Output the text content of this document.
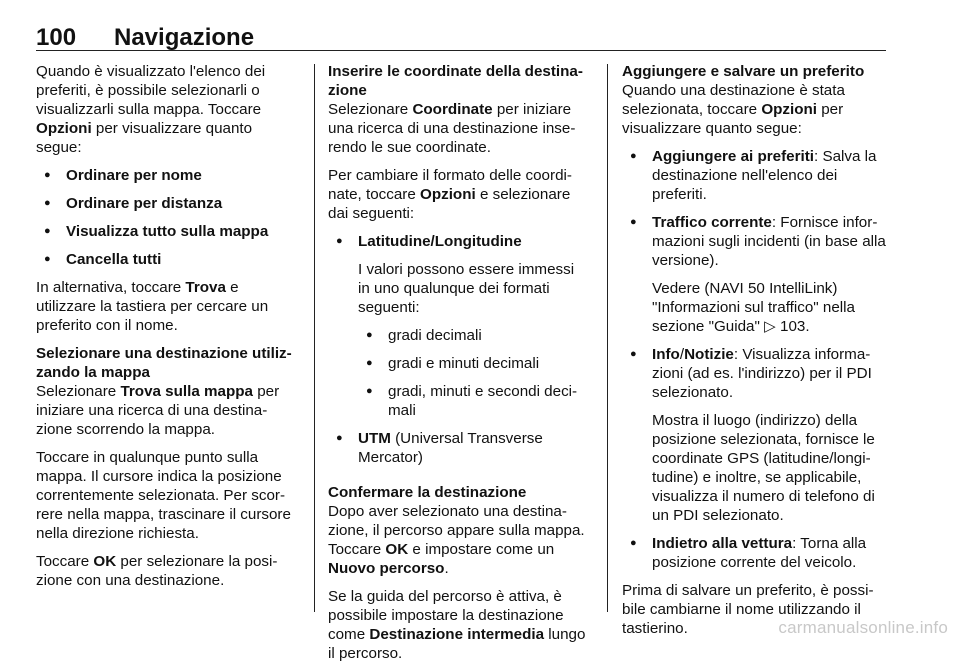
100 Navigazione

Quando è visualizzato l'elenco dei preferiti, è possibile selezionarli o visualizzarli sulla mappa. Toccare Opzioni per visualizzare quanto segue:

● Ordinare per nome
● Ordinare per distanza
● Visualizza tutto sulla mappa
● Cancella tutti

In alternativa, toccare Trova e utilizzare la tastiera per cercare un preferito con il nome.

Selezionare una destinazione utilizzando la mappa

Selezionare Trova sulla mappa per iniziare una ricerca di una destinazione scorrendo la mappa.

Toccare in qualunque punto sulla mappa. Il cursore indica la posizione correntemente selezionata. Per scorrere nella mappa, trascinare il cursore nella direzione richiesta.

Toccare OK per selezionare la posizione con una destinazione.

Inserire le coordinate della destinazione

Selezionare Coordinate per iniziare una ricerca di una destinazione inserendo le sue coordinate.

Per cambiare il formato delle coordinate, toccare Opzioni e selezionare dai seguenti:

● Latitudine/Longitudine

I valori possono essere immessi in uno qualunque dei formati seguenti:

● gradi decimali
● gradi e minuti decimali
● gradi, minuti e secondi decimali
● UTM (Universal Transverse Mercator)

Confermare la destinazione

Dopo aver selezionato una destinazione, il percorso appare sulla mappa. Toccare OK e impostare come un Nuovo percorso.

Se la guida del percorso è attiva, è possibile impostare la destinazione come Destinazione intermedia lungo il percorso.

Aggiungere e salvare un preferito

Quando una destinazione è stata selezionata, toccare Opzioni per visualizzare quanto segue:

● Aggiungere ai preferiti: Salva la destinazione nell'elenco dei preferiti.
● Traffico corrente: Fornisce informazioni sugli incidenti (in base alla versione).

Vedere (NAVI 50 IntelliLink) "Informazioni sul traffico" nella sezione "Guida" ▷ 103.

● Info/Notizie: Visualizza informazioni (ad es. l'indirizzo) per il PDI selezionato.

Mostra il luogo (indirizzo) della posizione selezionata, fornisce le coordinate GPS (latitudine/longitudine) e inoltre, se applicabile, visualizza il numero di telefono di un PDI selezionato.

● Indietro alla vettura: Torna alla posizione corrente del veicolo.

Prima di salvare un preferito, è possibile cambiarne il nome utilizzando il tastierino.	carmanualsonline.info
